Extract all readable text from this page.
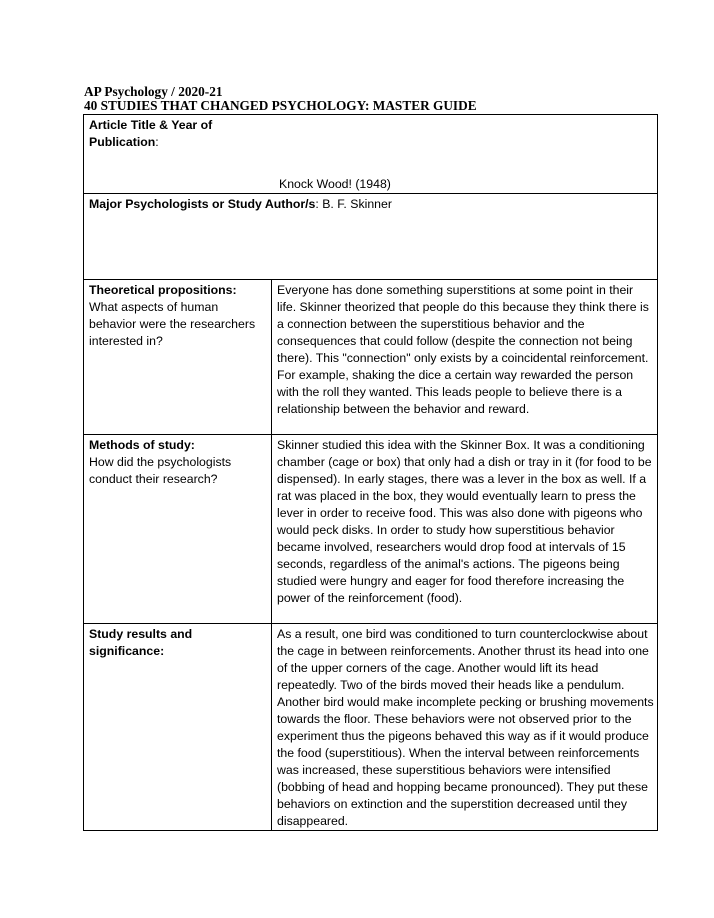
AP Psychology / 2020-21
40 STUDIES THAT CHANGED PSYCHOLOGY: MASTER GUIDE
Article Title & Year of Publication:
Knock Wood! (1948)	

Major Psychologists or Study Author/s: B. F. Skinner	

Theoretical propositions:
What aspects of human behavior were the researchers interested in?	Everyone has done something superstitions at some point in their life. Skinner theorized that people do this because they think there is a connection between the superstitious behavior and the consequences that could follow (despite the connection not being there). This "connection" only exists by a coincidental reinforcement. For example, shaking the dice a certain way rewarded the person with the roll they wanted. This leads people to believe there is a relationship between the behavior and reward.

Methods of study:
How did the psychologists conduct their research?	Skinner studied this idea with the Skinner Box. It was a conditioning chamber (cage or box) that only had a dish or tray in it (for food to be dispensed). In early stages, there was a lever in the box as well. If a rat was placed in the box, they would eventually learn to press the lever in order to receive food. This was also done with pigeons who would peck disks. In order to study how superstitious behavior became involved, researchers would drop food at intervals of 15 seconds, regardless of the animal's actions. The pigeons being studied were hungry and eager for food therefore increasing the power of the reinforcement (food).

Study results and significance:	As a result, one bird was conditioned to turn counterclockwise about the cage in between reinforcements. Another thrust its head into one of the upper corners of the cage. Another would lift its head repeatedly. Two of the birds moved their heads like a pendulum. Another bird would make incomplete pecking or brushing movements towards the floor. These behaviors were not observed prior to the experiment thus the pigeons behaved this way as if it would produce the food (superstitious). When the interval between reinforcements was increased, these superstitious behaviors were intensified (bobbing of head and hopping became pronounced). They put these behaviors on extinction and the superstition decreased until they disappeared.
